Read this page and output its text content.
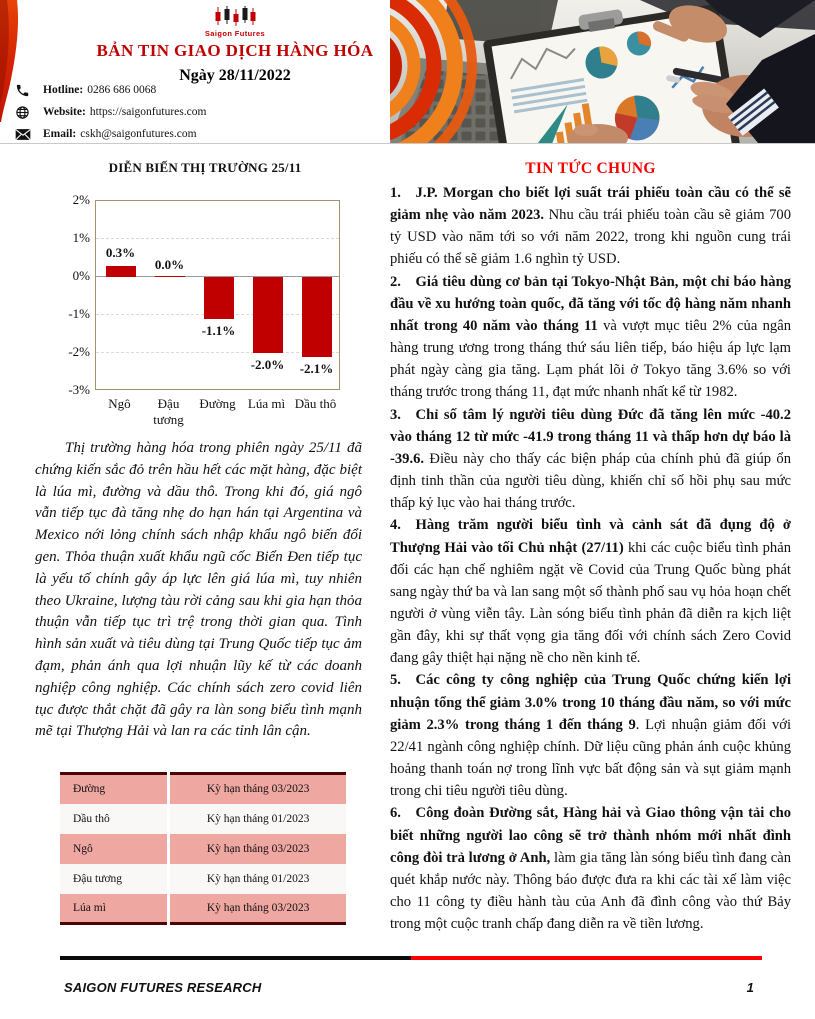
Saigon Futures
BẢN TIN GIAO DỊCH HÀNG HÓA
Ngày 28/11/2022
Hotline: 0286 686 0068
Website: https://saigonfutures.com
Email: cskh@saigonfutures.com
DIỄN BIẾN THỊ TRƯỜNG 25/11
0.3%
0.0%
-1.1%
-2.0%	-2.1%
2%
1%
0%
-1%
-2%
-3%
Ngô	Đậu
tương
Đường Lúa mì Dầu thô

Thị trường hàng hóa trong phiên ngày 25/11 đã chứng kiến sắc đỏ trên hầu hết các mặt hàng, đặc biệt là lúa mì, đường và dầu thô. Trong khi đó, giá ngô vẫn tiếp tục đà tăng nhẹ do hạn hán tại Argentina và Mexico nới lỏng chính sách nhập khẩu ngô biến đổi gen. Thỏa thuận xuất khẩu ngũ cốc Biển Đen tiếp tục là yếu tố chính gây áp lực lên giá lúa mì, tuy nhiên theo Ukraine, lượng tàu rời cảng sau khi gia hạn thỏa thuận vẫn tiếp tục trì trệ trong thời gian qua. Tình hình sản xuất và tiêu dùng tại Trung Quốc tiếp tục ảm đạm, phản ánh qua lợi nhuận lũy kế từ các doanh nghiệp công nghiệp. Các chính sách zero covid liên tục được thắt chặt đã gây ra làn song biểu tình mạnh mẽ tại Thượng Hải và lan ra các tỉnh lân cận.

Đường	Kỳ hạn tháng 03/2023
Dầu thô	Kỳ hạn tháng 01/2023
Ngô	Kỳ hạn tháng 03/2023
Đậu tương	Kỳ hạn tháng 01/2023
Lúa mì	Kỳ hạn tháng 03/2023
TIN TỨC CHUNG

1.  J.P. Morgan cho biết lợi suất trái phiếu toàn cầu có thể sẽ giảm nhẹ vào năm 2023. Nhu cầu trái phiếu toàn cầu sẽ giảm 700 tỷ USD vào năm tới so với năm 2022, trong khi nguồn cung trái phiếu có thể sẽ giảm 1.6 nghìn tỷ USD.

2.  Giá tiêu dùng cơ bản tại Tokyo-Nhật Bản, một chỉ báo hàng đầu về xu hướng toàn quốc, đã tăng với tốc độ hàng năm nhanh nhất trong 40 năm vào tháng 11 và vượt mục tiêu 2% của ngân hàng trung ương trong tháng thứ sáu liên tiếp, báo hiệu áp lực lạm phát ngày càng gia tăng. Lạm phát lõi ở Tokyo tăng 3.6% so với tháng trước trong tháng 11, đạt mức nhanh nhất kể từ 1982.

3.  Chỉ số tâm lý người tiêu dùng Đức đã tăng lên mức -40.2 vào tháng 12 từ mức -41.9 trong tháng 11 và thấp hơn dự báo là -39.6. Điều này cho thấy các biện pháp của chính phủ đã giúp ổn định tinh thần của người tiêu dùng, khiến chỉ số hồi phụ sau mức thấp kỷ lục vào hai tháng trước.

4.  Hàng trăm người biểu tình và cảnh sát đã đụng độ ở Thượng Hải vào tối Chủ nhật (27/11) khi các cuộc biểu tình phản đối các hạn chế nghiêm ngặt về Covid của Trung Quốc bùng phát sang ngày thứ ba và lan sang một số thành phố sau vụ hỏa hoạn chết người ở vùng viễn tây. Làn sóng biểu tình phản đã diễn ra kịch liệt gần đây, khi sự thất vọng gia tăng đối với chính sách Zero Covid đang gây thiệt hại nặng nề cho nền kinh tế.

5.  Các công ty công nghiệp của Trung Quốc chứng kiến lợi nhuận tổng thể giảm 3.0% trong 10 tháng đầu năm, so với mức giảm 2.3% trong tháng 1 đến tháng 9. Lợi nhuận giảm đối với 22/41 ngành công nghiệp chính. Dữ liệu cũng phản ánh cuộc khủng hoảng thanh toán nợ trong lĩnh vực bất động sản và sụt giảm mạnh trong chi tiêu người tiêu dùng.

6.  Công đoàn Đường sắt, Hàng hải và Giao thông vận tải cho biết những người lao công sẽ trở thành nhóm mới nhất đình công đòi trả lương ở Anh, làm gia tăng làn sóng biểu tình đang càn quét khắp nước này. Thông báo được đưa ra khi các tài xế làm việc cho 11 công ty điều hành tàu của Anh đã đình công vào thứ Bảy trong một cuộc tranh chấp đang diễn ra về tiền lương.

SAIGON FUTURES RESEARCH	1
